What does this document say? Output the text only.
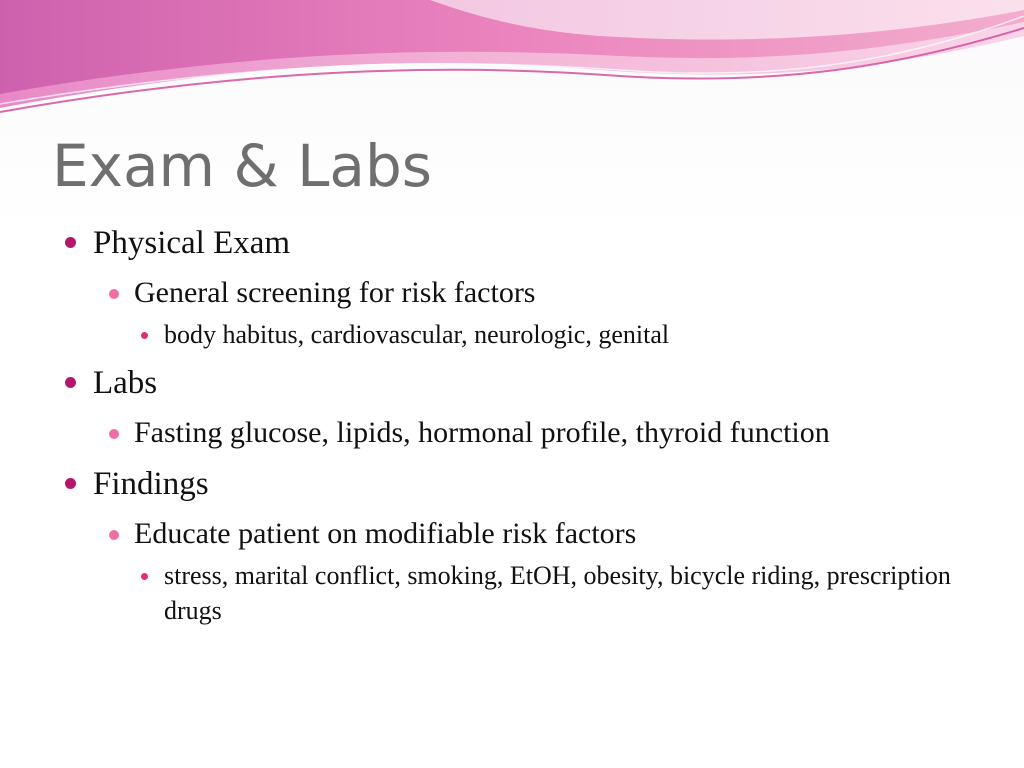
Exam & Labs
Physical Exam
General screening for risk factors
body habitus, cardiovascular, neurologic, genital
Labs
Fasting glucose, lipids, hormonal profile, thyroid function
Findings
Educate patient on modifiable risk factors
stress, marital conflict, smoking, EtOH, obesity, bicycle riding, prescription drugs
